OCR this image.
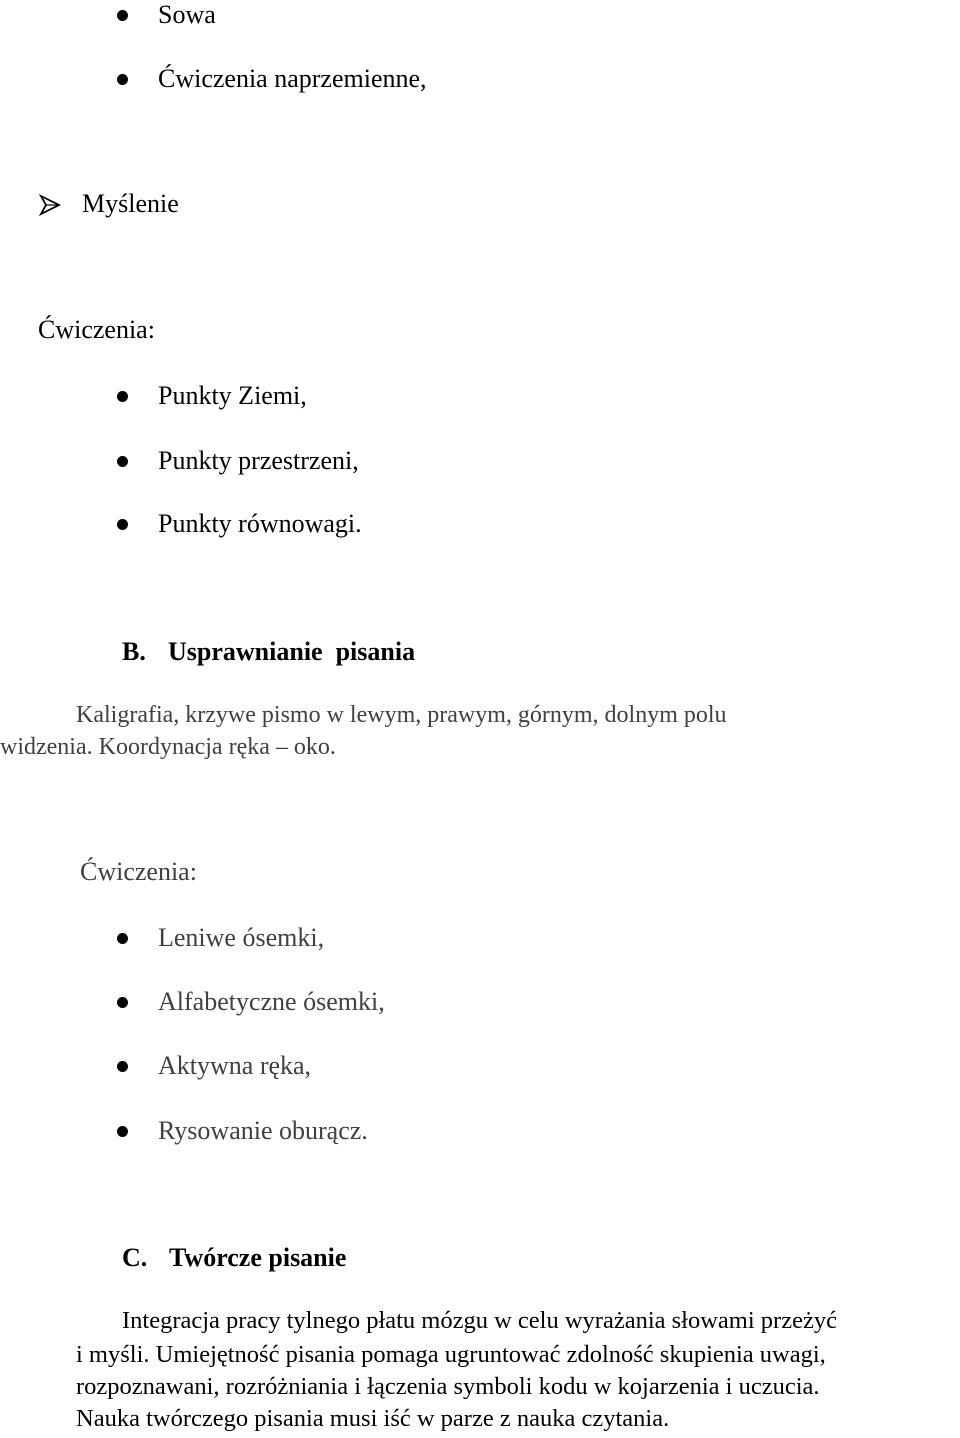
Sowa
Ćwiczenia naprzemienne,
Myślenie
Ćwiczenia:
Punkty Ziemi,
Punkty przestrzeni,
Punkty równowagi.
B. Usprawnianie  pisania
Kaligrafia, krzywe pismo w lewym, prawym, górnym, dolnym polu
widzenia. Koordynacja ręka – oko.
Ćwiczenia:
Leniwe ósemki,
Alfabetyczne ósemki,
Aktywna ręka,
Rysowanie oburącz.
C. Twórcze pisanie
Integracja pracy tylnego płatu mózgu w celu wyrażania słowami przeżyć
i myśli. Umiejętność pisania pomaga ugruntować zdolność skupienia uwagi,
rozpoznawani, rozróżniania i łączenia symboli kodu w kojarzenia i uczucia.
Nauka twórczego pisania musi iść w parze z nauka czytania.
